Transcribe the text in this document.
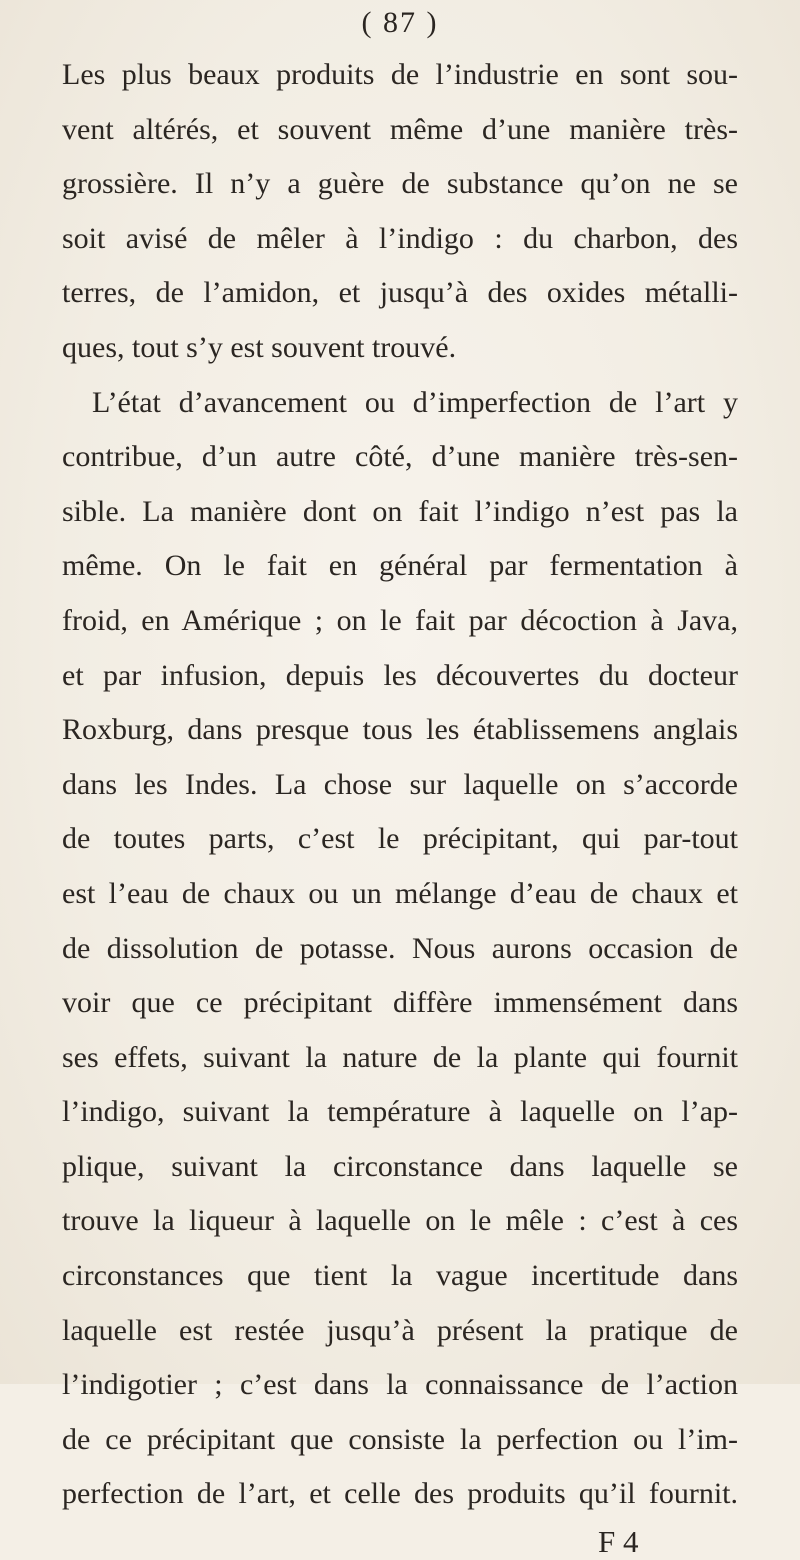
( 87 )
Les plus beaux produits de l’industrie en sont sou-
vent altérés, et souvent même d’une manière très-
grossière. Il n’y a guère de substance qu’on ne se
soit avisé de mêler à l’indigo : du charbon, des
terres, de l’amidon, et jusqu’à des oxides métalli-
ques, tout s’y est souvent trouvé.
L’état d’avancement ou d’imperfection de l’art y
contribue, d’un autre côté, d’une manière très-sen-
sible. La manière dont on fait l’indigo n’est pas la
même. On le fait en général par fermentation à
froid, en Amérique ; on le fait par décoction à Java,
et par infusion, depuis les découvertes du docteur
Roxburg, dans presque tous les établissemens anglais
dans les Indes. La chose sur laquelle on s’accorde
de toutes parts, c’est le précipitant, qui par-tout
est l’eau de chaux ou un mélange d’eau de chaux et
de dissolution de potasse. Nous aurons occasion de
voir que ce précipitant diffère immensément dans
ses effets, suivant la nature de la plante qui fournit
l’indigo, suivant la température à laquelle on l’ap-
plique, suivant la circonstance dans laquelle se
trouve la liqueur à laquelle on le mêle : c’est à ces
circonstances que tient la vague incertitude dans
laquelle est restée jusqu’à présent la pratique de
l’indigotier ; c’est dans la connaissance de l’action
de ce précipitant que consiste la perfection ou l’im-
perfection de l’art, et celle des produits qu’il fournit.
F 4
